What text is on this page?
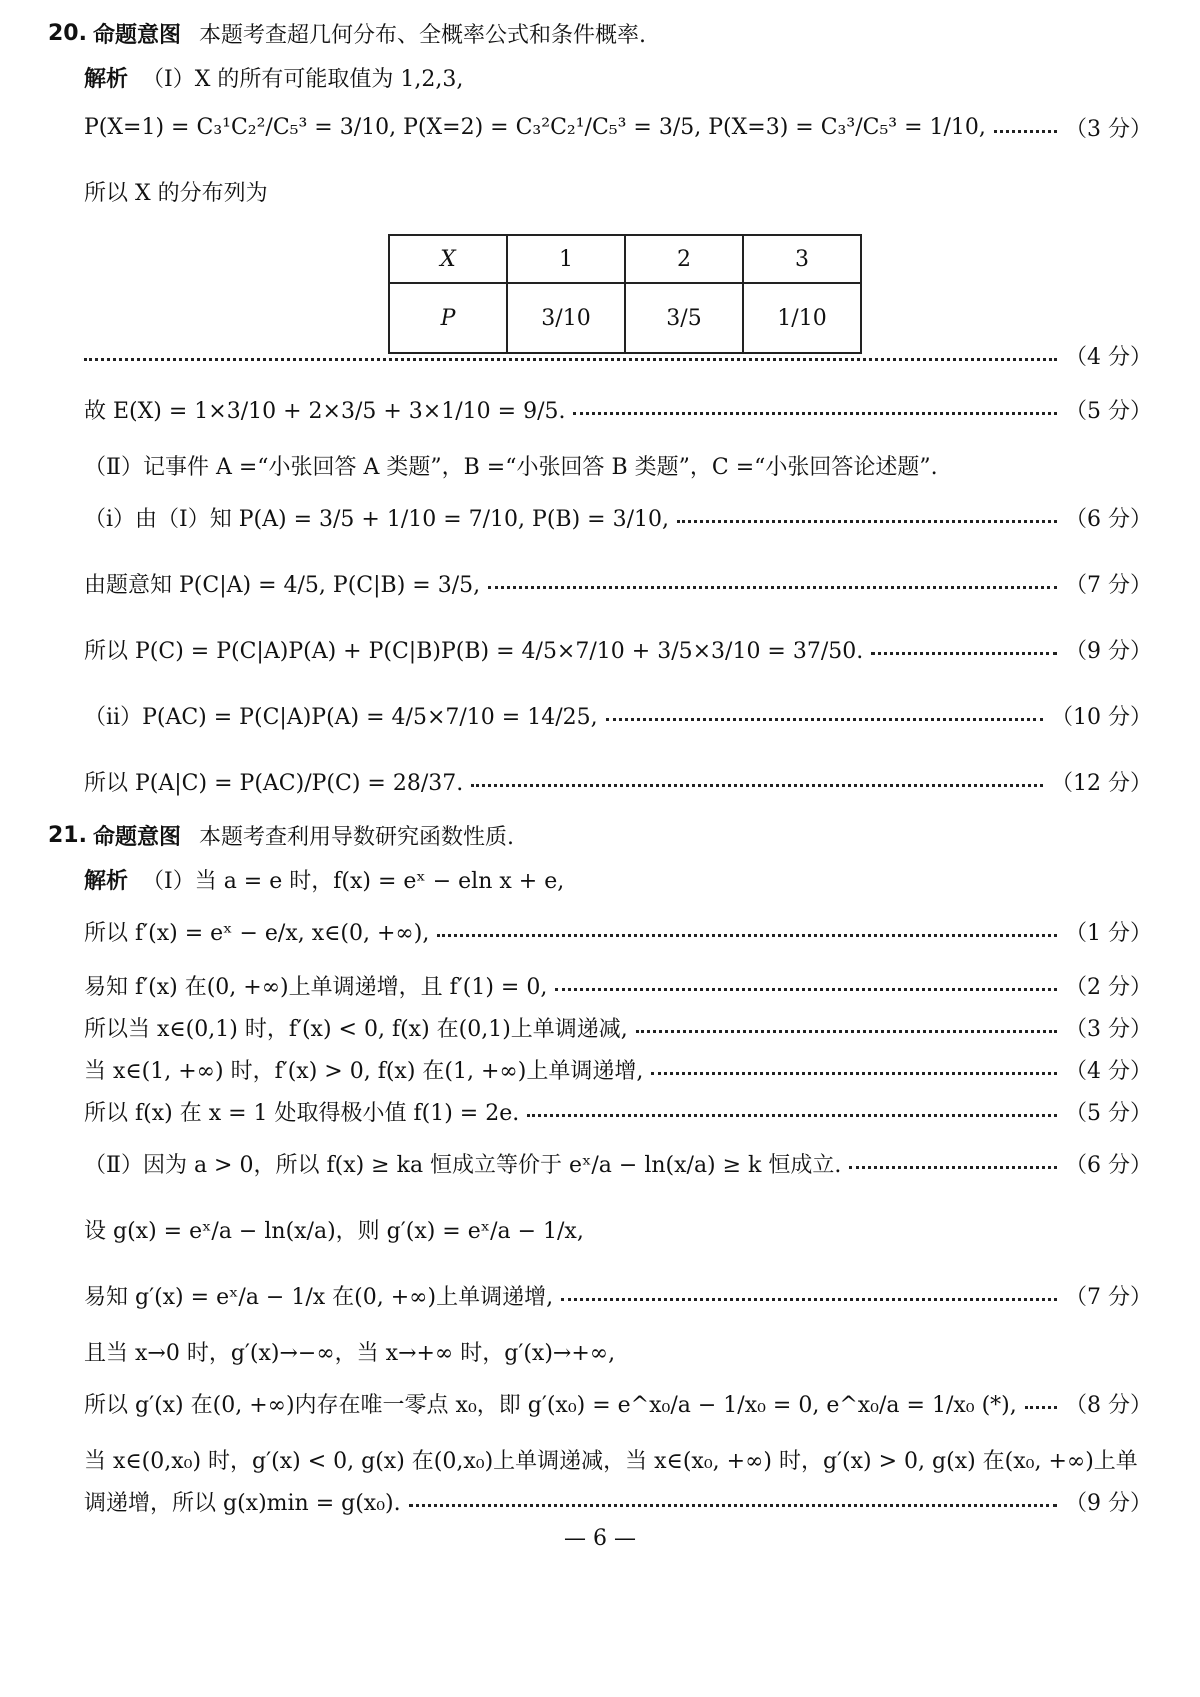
20. 命题意图 本题考查超几何分布、全概率公式和条件概率.
解析 （Ⅰ）X 的所有可能取值为 1,2,3,
P(X=1) = C₃¹C₂²/C₅³ = 3/10, P(X=2) = C₃²C₂¹/C₅³ = 3/5, P(X=3) = C₃³/C₅³ = 1/10,	（3 分）
所以 X 的分布列为
X	1	2	3
P	3/10	3/5	1/10
（4 分）
故 E(X) = 1×3/10 + 2×3/5 + 3×1/10 = 9/5.	（5 分）
（Ⅱ）记事件 A =“小张回答 A 类题”，B =“小张回答 B 类题”，C =“小张回答论述题”.
（ⅰ）由（Ⅰ）知 P(A) = 3/5 + 1/10 = 7/10, P(B) = 3/10,	（6 分）
由题意知 P(C|A) = 4/5, P(C|B) = 3/5,	（7 分）
所以 P(C) = P(C|A)P(A) + P(C|B)P(B) = 4/5×7/10 + 3/5×3/10 = 37/50.	（9 分）
（ⅱ）P(AC) = P(C|A)P(A) = 4/5×7/10 = 14/25,	（10 分）
所以 P(A|C) = P(AC)/P(C) = 28/37.	（12 分）
21. 命题意图 本题考查利用导数研究函数性质.
解析 （Ⅰ）当 a = e 时，f(x) = eˣ − eln x + e,
所以 f′(x) = eˣ − e/x, x∈(0, +∞),	（1 分）
易知 f′(x) 在(0, +∞)上单调递增，且 f′(1) = 0,	（2 分）
所以当 x∈(0,1) 时，f′(x) < 0, f(x) 在(0,1)上单调递减,	（3 分）
当 x∈(1, +∞) 时，f′(x) > 0, f(x) 在(1, +∞)上单调递增,	（4 分）
所以 f(x) 在 x = 1 处取得极小值 f(1) = 2e.	（5 分）
（Ⅱ）因为 a > 0，所以 f(x) ≥ ka 恒成立等价于 eˣ/a − ln(x/a) ≥ k 恒成立.	（6 分）
设 g(x) = eˣ/a − ln(x/a)，则 g′(x) = eˣ/a − 1/x,
易知 g′(x) = eˣ/a − 1/x 在(0, +∞)上单调递增,	（7 分）
且当 x→0 时，g′(x)→−∞，当 x→+∞ 时，g′(x)→+∞,
所以 g′(x) 在(0, +∞)内存在唯一零点 x₀，即 g′(x₀) = e^x₀/a − 1/x₀ = 0, e^x₀/a = 1/x₀ (*), （8 分）
当 x∈(0,x₀) 时，g′(x) < 0, g(x) 在(0,x₀)上单调递减，当 x∈(x₀, +∞) 时，g′(x) > 0, g(x) 在(x₀, +∞)上单
调递增，所以 g(x)min = g(x₀).	（9 分）
— 6 —
